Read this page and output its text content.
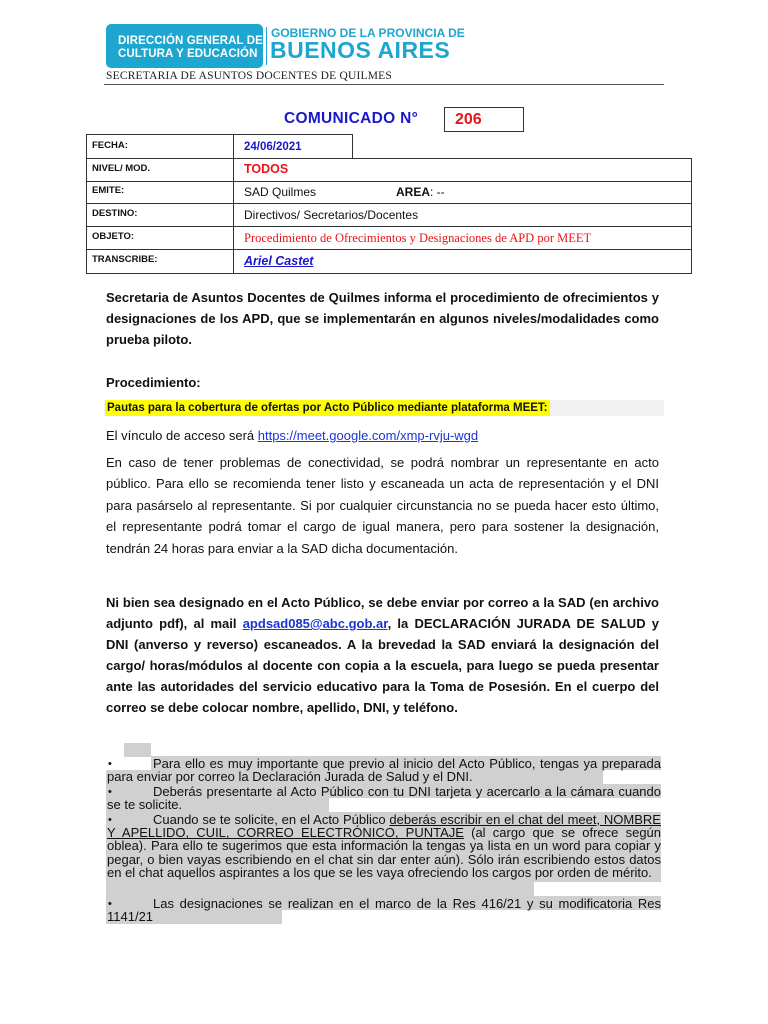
DIRECCIÓN GENERAL DE
CULTURA Y EDUCACIÓN
GOBIERNO DE LA PROVINCIA DE
BUENOS AIRES
SECRETARIA DE ASUNTOS DOCENTES DE QUILMES
COMUNICADO N°	206
FECHA:	24/06/2021
NIVEL/ MOD.	TODOS
EMITE:	SAD Quilmes	AREA: --
DESTINO:	Directivos/ Secretarios/Docentes
OBJETO:	Procedimiento de Ofrecimientos y Designaciones de APD por MEET
TRANSCRIBE:	Ariel Castet
Secretaria de Asuntos Docentes de Quilmes informa el procedimiento de ofrecimientos y designaciones de los APD, que se implementarán en algunos niveles/modalidades como prueba piloto.
Procedimiento:
Pautas para la cobertura de ofertas por Acto Público mediante plataforma MEET:
El vínculo de acceso será https://meet.google.com/xmp-rvju-wgd
En caso de tener problemas de conectividad, se podrá nombrar un representante en acto público. Para ello se recomienda tener listo y escaneada un acta de representación y el DNI para pasárselo al representante. Si por cualquier circunstancia no se pueda hacer esto último, el representante podrá tomar el cargo de igual manera, pero para sostener la designación, tendrán 24 horas para enviar a la SAD dicha documentación.
Ni bien sea designado en el Acto Público, se debe enviar por correo a la SAD (en archivo adjunto pdf), al mail apdsad085@abc.gob.ar, la DECLARACIÓN JURADA DE SALUD y DNI (anverso y reverso) escaneados. A la brevedad la SAD enviará la designación del cargo/ horas/módulos al docente con copia a la escuela, para luego se pueda presentar ante las autoridades del servicio educativo para la Toma de Posesión. En el cuerpo del correo se debe colocar nombre, apellido, DNI, y teléfono.
•	Para ello es muy importante que previo al inicio del Acto Público, tengas ya preparada para enviar por correo la Declaración Jurada de Salud y el DNI.
•	Deberás presentarte al Acto Público con tu DNI tarjeta y acercarlo a la cámara cuando se te solicite.
•	Cuando se te solicite, en el Acto Público deberás escribir en el chat del meet, NOMBRE Y APELLIDO, CUIL, CORREO ELECTRÓNICO, PUNTAJE (al cargo que se ofrece según oblea). Para ello te sugerimos que esta información la tengas ya lista en un word para copiar y pegar, o bien vayas escribiendo en el chat sin dar enter aún). Sólo irán escribiendo estos datos en el chat aquellos aspirantes a los que se les vaya ofreciendo los cargos por orden de mérito.
•	Las designaciones se realizan en el marco de la Res 416/21 y su modificatoria Res 1141/21
